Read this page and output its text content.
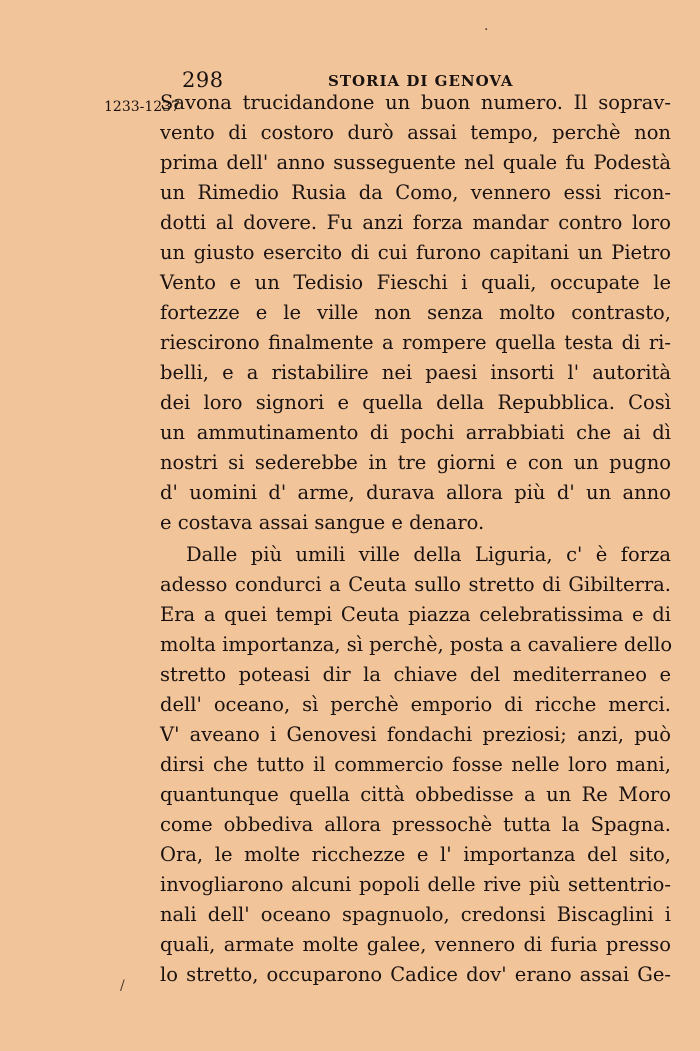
298	STORIA DI GENOVA
1233-1237
Savona trucidandone un buon numero. Il soprav-
vento di costoro durò assai tempo, perchè non
prima dell' anno susseguente nel quale fu Podestà
un Rimedio Rusia da Como, vennero essi ricon-
dotti al dovere. Fu anzi forza mandar contro loro
un giusto esercito di cui furono capitani un Pietro
Vento e un Tedisio Fieschi i quali, occupate le
fortezze e le ville non senza molto contrasto,
riescirono finalmente a rompere quella testa di ri-
belli, e a ristabilire nei paesi insorti l' autorità
dei loro signori e quella della Repubblica. Così
un ammutinamento di pochi arrabbiati che ai dì
nostri si sederebbe in tre giorni e con un pugno
d' uomini d' arme, durava allora più d' un anno
e costava assai sangue e denaro.
Dalle più umili ville della Liguria, c' è forza
adesso condurci a Ceuta sullo stretto di Gibilterra.
Era a quei tempi Ceuta piazza celebratissima e di
molta importanza, sì perchè, posta a cavaliere dello
stretto poteasi dir la chiave del mediterraneo e
dell' oceano, sì perchè emporio di ricche merci.
V' aveano i Genovesi fondachi preziosi; anzi, può
dirsi che tutto il commercio fosse nelle loro mani,
quantunque quella città obbedisse a un Re Moro
come obbediva allora pressochè tutta la Spagna.
Ora, le molte ricchezze e l' importanza del sito,
invogliarono alcuni popoli delle rive più settentrio-
nali dell' oceano spagnuolo, credonsi Biscaglini i
quali, armate molte galee, vennero di furia presso
lo stretto, occuparono Cadice dov' erano assai Ge-
·
/
